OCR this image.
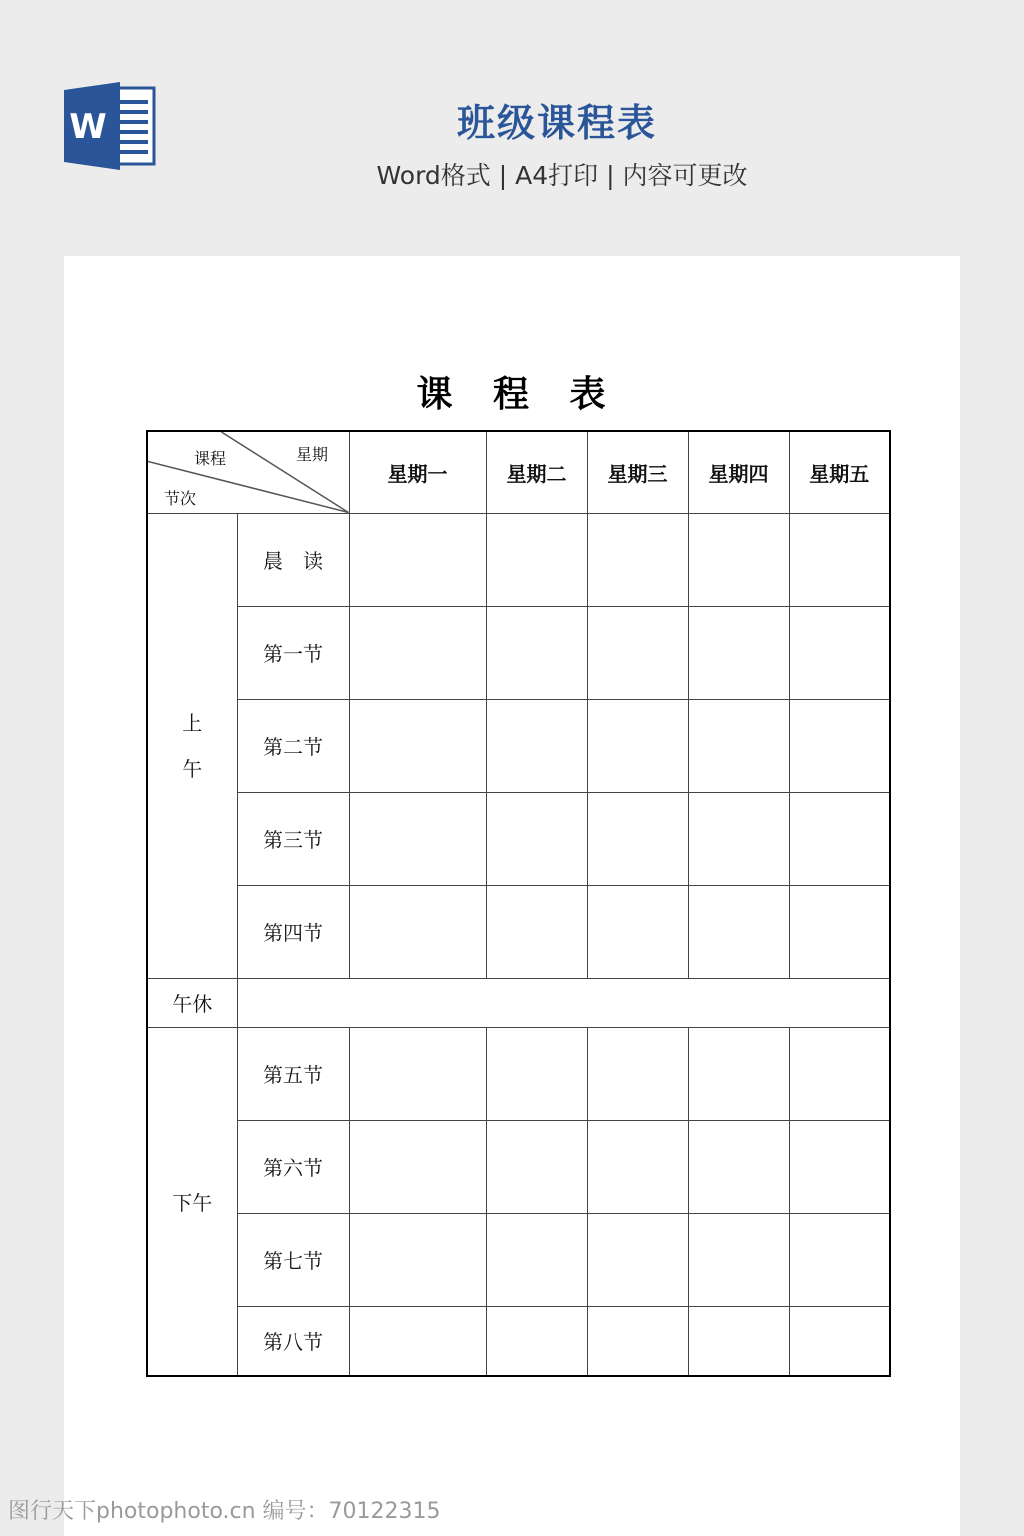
W	班级课程表
Word格式 | A4打印 | 内容可更改
课 程 表
星期
课程
节次		星期一	星期二	星期三	星期四	星期五

上
午	晨　读					
	第一节					
	第二节					
	第三节					
	第四节					
午休						
下午	第五节					
	第六节					
	第七节					
	第八节					
图行天下photophoto.cn 编号：70122315
